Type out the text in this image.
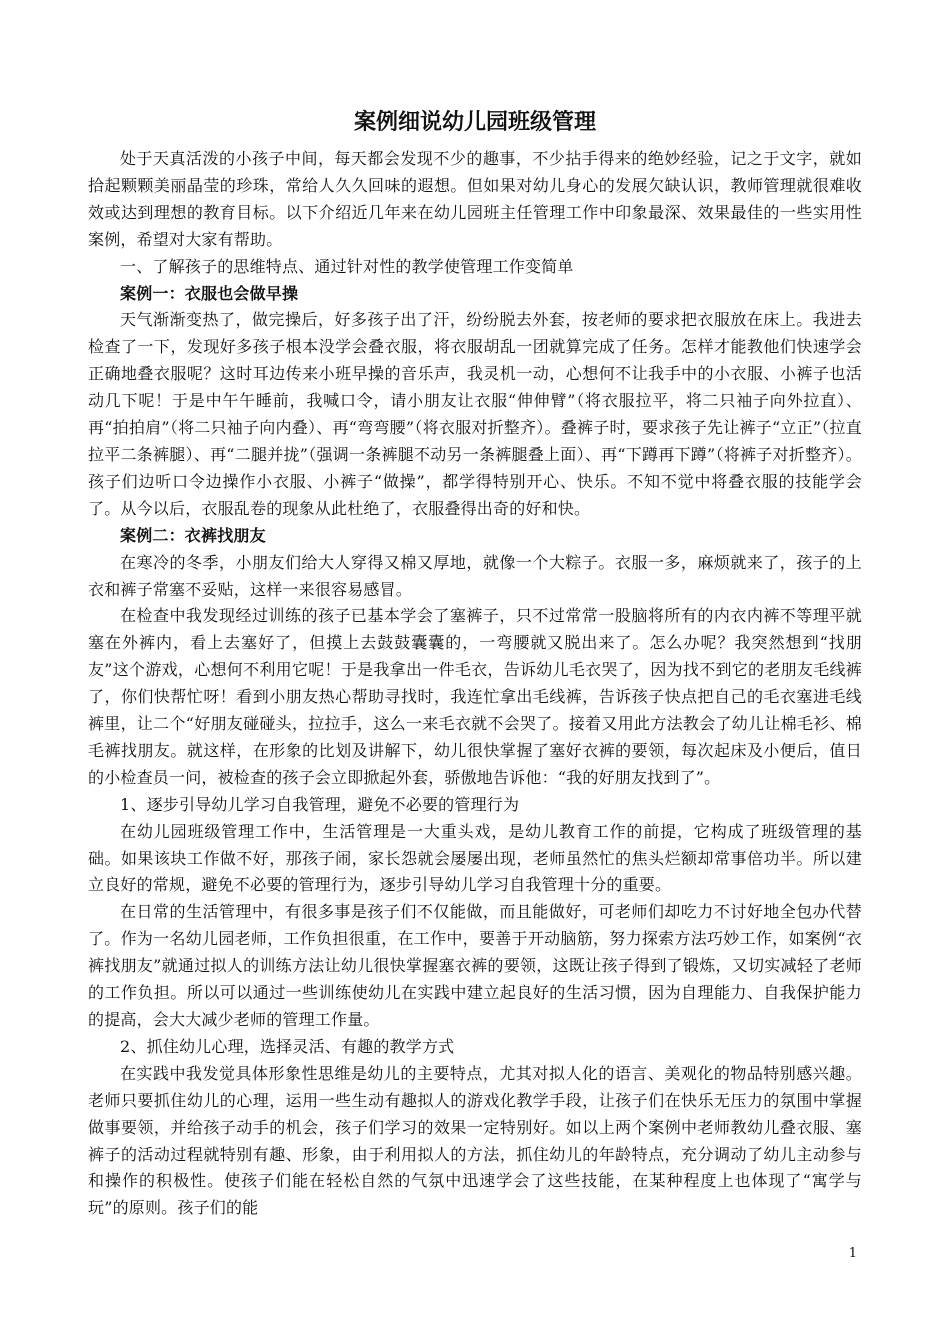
案例细说幼儿园班级管理

处于天真活泼的小孩子中间，每天都会发现不少的趣事，不少拈手得来的绝妙经验，记之于文字，就如拾起颗颗美丽晶莹的珍珠，常给人久久回味的遐想。但如果对幼儿身心的发展欠缺认识，教师管理就很难收效或达到理想的教育目标。以下介绍近几年来在幼儿园班主任管理工作中印象最深、效果最佳的一些实用性案例，希望对大家有帮助。

一、了解孩子的思维特点、通过针对性的教学使管理工作变简单

案例一：衣服也会做早操

天气渐渐变热了，做完操后，好多孩子出了汗，纷纷脱去外套，按老师的要求把衣服放在床上。我进去检查了一下，发现好多孩子根本没学会叠衣服，将衣服胡乱一团就算完成了任务。怎样才能教他们快速学会正确地叠衣服呢？这时耳边传来小班早操的音乐声，我灵机一动，心想何不让我手中的小衣服、小裤子也活动几下呢！于是中午午睡前，我喊口令，请小朋友让衣服“伸伸臂”（将衣服拉平，将二只袖子向外拉直）、再“拍拍肩”（将二只袖子向内叠）、再“弯弯腰”（将衣服对折整齐）。叠裤子时，要求孩子先让裤子“立正”（拉直拉平二条裤腿）、再“二腿并拢”（强调一条裤腿不动另一条裤腿叠上面）、再“下蹲再下蹲”（将裤子对折整齐）。孩子们边听口令边操作小衣服、小裤子“做操”，都学得特别开心、快乐。不知不觉中将叠衣服的技能学会了。从今以后，衣服乱卷的现象从此杜绝了，衣服叠得出奇的好和快。

案例二：衣裤找朋友

在寒冷的冬季，小朋友们给大人穿得又棉又厚地，就像一个大粽子。衣服一多，麻烦就来了，孩子的上衣和裤子常塞不妥贴，这样一来很容易感冒。

在检查中我发现经过训练的孩子已基本学会了塞裤子，只不过常常一股脑将所有的内衣内裤不等理平就塞在外裤内，看上去塞好了，但摸上去鼓鼓囊囊的，一弯腰就又脱出来了。怎么办呢？我突然想到“找朋友”这个游戏，心想何不利用它呢！于是我拿出一件毛衣，告诉幼儿毛衣哭了，因为找不到它的老朋友毛线裤了，你们快帮忙呀！看到小朋友热心帮助寻找时，我连忙拿出毛线裤，告诉孩子快点把自己的毛衣塞进毛线裤里，让二个“好朋友碰碰头，拉拉手，这么一来毛衣就不会哭了。接着又用此方法教会了幼儿让棉毛衫、棉毛裤找朋友。就这样，在形象的比划及讲解下，幼儿很快掌握了塞好衣裤的要领，每次起床及小便后，值日的小检查员一问，被检查的孩子会立即掀起外套，骄傲地告诉他：“我的好朋友找到了”。

1、逐步引导幼儿学习自我管理，避免不必要的管理行为

在幼儿园班级管理工作中，生活管理是一大重头戏，是幼儿教育工作的前提，它构成了班级管理的基础。如果该块工作做不好，那孩子闹，家长怨就会屡屡出现，老师虽然忙的焦头烂额却常事倍功半。所以建立良好的常规，避免不必要的管理行为，逐步引导幼儿学习自我管理十分的重要。

在日常的生活管理中，有很多事是孩子们不仅能做，而且能做好，可老师们却吃力不讨好地全包办代替了。作为一名幼儿园老师，工作负担很重，在工作中，要善于开动脑筋，努力探索方法巧妙工作，如案例“衣裤找朋友”就通过拟人的训练方法让幼儿很快掌握塞衣裤的要领，这既让孩子得到了锻炼，又切实减轻了老师的工作负担。所以可以通过一些训练使幼儿在实践中建立起良好的生活习惯，因为自理能力、自我保护能力的提高，会大大减少老师的管理工作量。

2、抓住幼儿心理，选择灵活、有趣的教学方式

在实践中我发觉具体形象性思维是幼儿的主要特点，尤其对拟人化的语言、美观化的物品特别感兴趣。老师只要抓住幼儿的心理，运用一些生动有趣拟人的游戏化教学手段，让孩子们在快乐无压力的氛围中掌握做事要领，并给孩子动手的机会，孩子们学习的效果一定特别好。如以上两个案例中老师教幼儿叠衣服、塞裤子的活动过程就特别有趣、形象，由于利用拟人的方法，抓住幼儿的年龄特点，充分调动了幼儿主动参与和操作的积极性。使孩子们能在轻松自然的气氛中迅速学会了这些技能，在某种程度上也体现了“寓学与玩”的原则。孩子们的能

1
